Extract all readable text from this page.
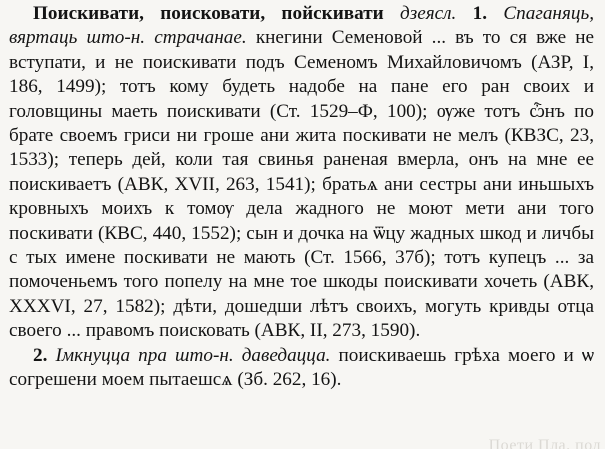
Поискивати, поисковати, пойскивати дзеясл. 1. Спаганяць, вяртаць што-н. страчанае. кнегини Семеновой ... въ то ся вже не вступати, и не поискивати подъ Семеномъ Михайловичомъ (АЗР, I, 186, 1499); тотъ кому будеть надобе на пане его ран своих и головщины маеть поискивати (Ст. 1529–Ф, 100); ѹже тотъ ѽнъ по брате своемъ гриси ни гроше ани жита поскивати не мелъ (КВЗС, 23, 1533); теперь дей, коли тая свинья раненая вмерла, онъ на мне ее поискиваетъ (АВК, XVII, 263, 1541); братьѧ ани сестры ани иньшыхъ кровныхъ моихъ к томѹ дела жадного не моют мети ани того поскивати (КВС, 440, 1552); сын и дочка на ѿцу жадных шкод и личбы с тых имене поскивати не мають (Ст. 1566, 37б); тотъ купецъ ... за помоченьемъ того попелу на мне тое шкоды поискивати хочеть (АВК, XXXVI, 27, 1582); дѣти, дошедши лѣтъ своихъ, могуть кривды отца своего ... правомъ поисковать (АВК, II, 273, 1590).
2. Імкнуцца пра што-н. даведацца. поискиваешь грѣха моего и ѡ согрешени моем пытаешсѧ (Зб. 262, 16).
Поети Пла. пол
